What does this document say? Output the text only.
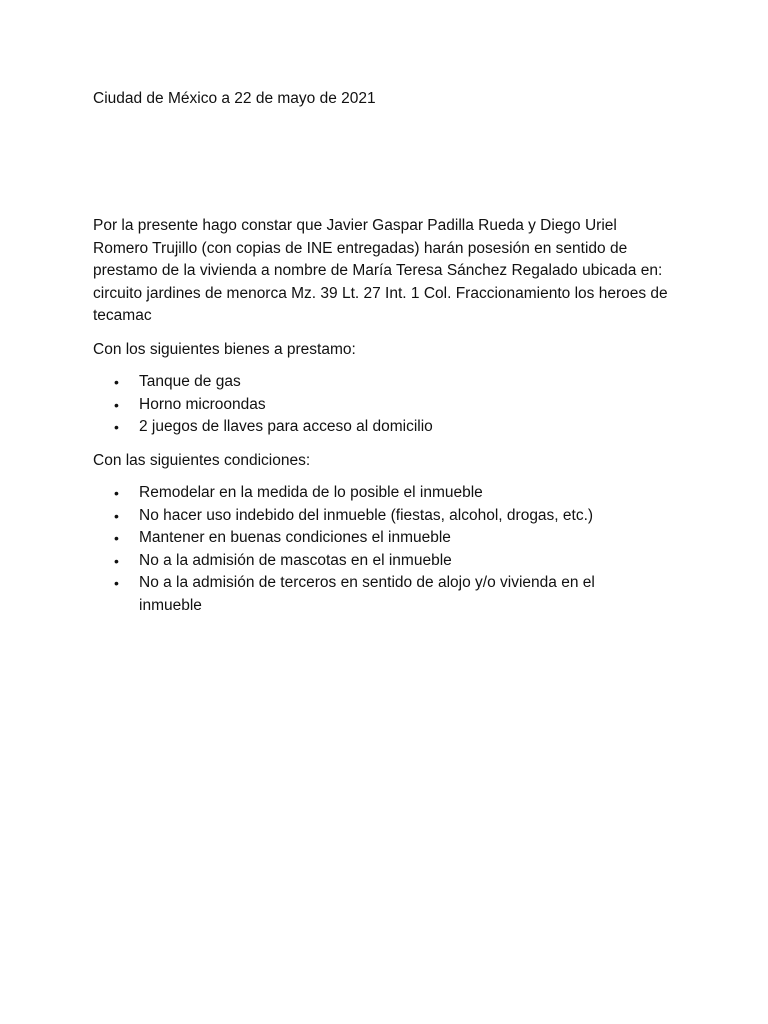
Ciudad de México a 22 de mayo de 2021

Por la presente hago constar que Javier Gaspar Padilla Rueda y Diego Uriel Romero Trujillo (con copias de INE entregadas) harán posesión en sentido de prestamo de la vivienda a nombre de María Teresa Sánchez Regalado ubicada en: circuito jardines de menorca Mz. 39 Lt. 27 Int. 1 Col. Fraccionamiento los heroes de tecamac

Con los siguientes bienes a prestamo:

• Tanque de gas
• Horno microondas
• 2 juegos de llaves para acceso al domicilio

Con las siguientes condiciones:

• Remodelar en la medida de lo posible el inmueble
• No hacer uso indebido del inmueble (fiestas, alcohol, drogas, etc.)
• Mantener en buenas condiciones el inmueble
• No a la admisión de mascotas en el inmueble
• No a la admisión de terceros en sentido de alojo y/o vivienda en el inmueble
